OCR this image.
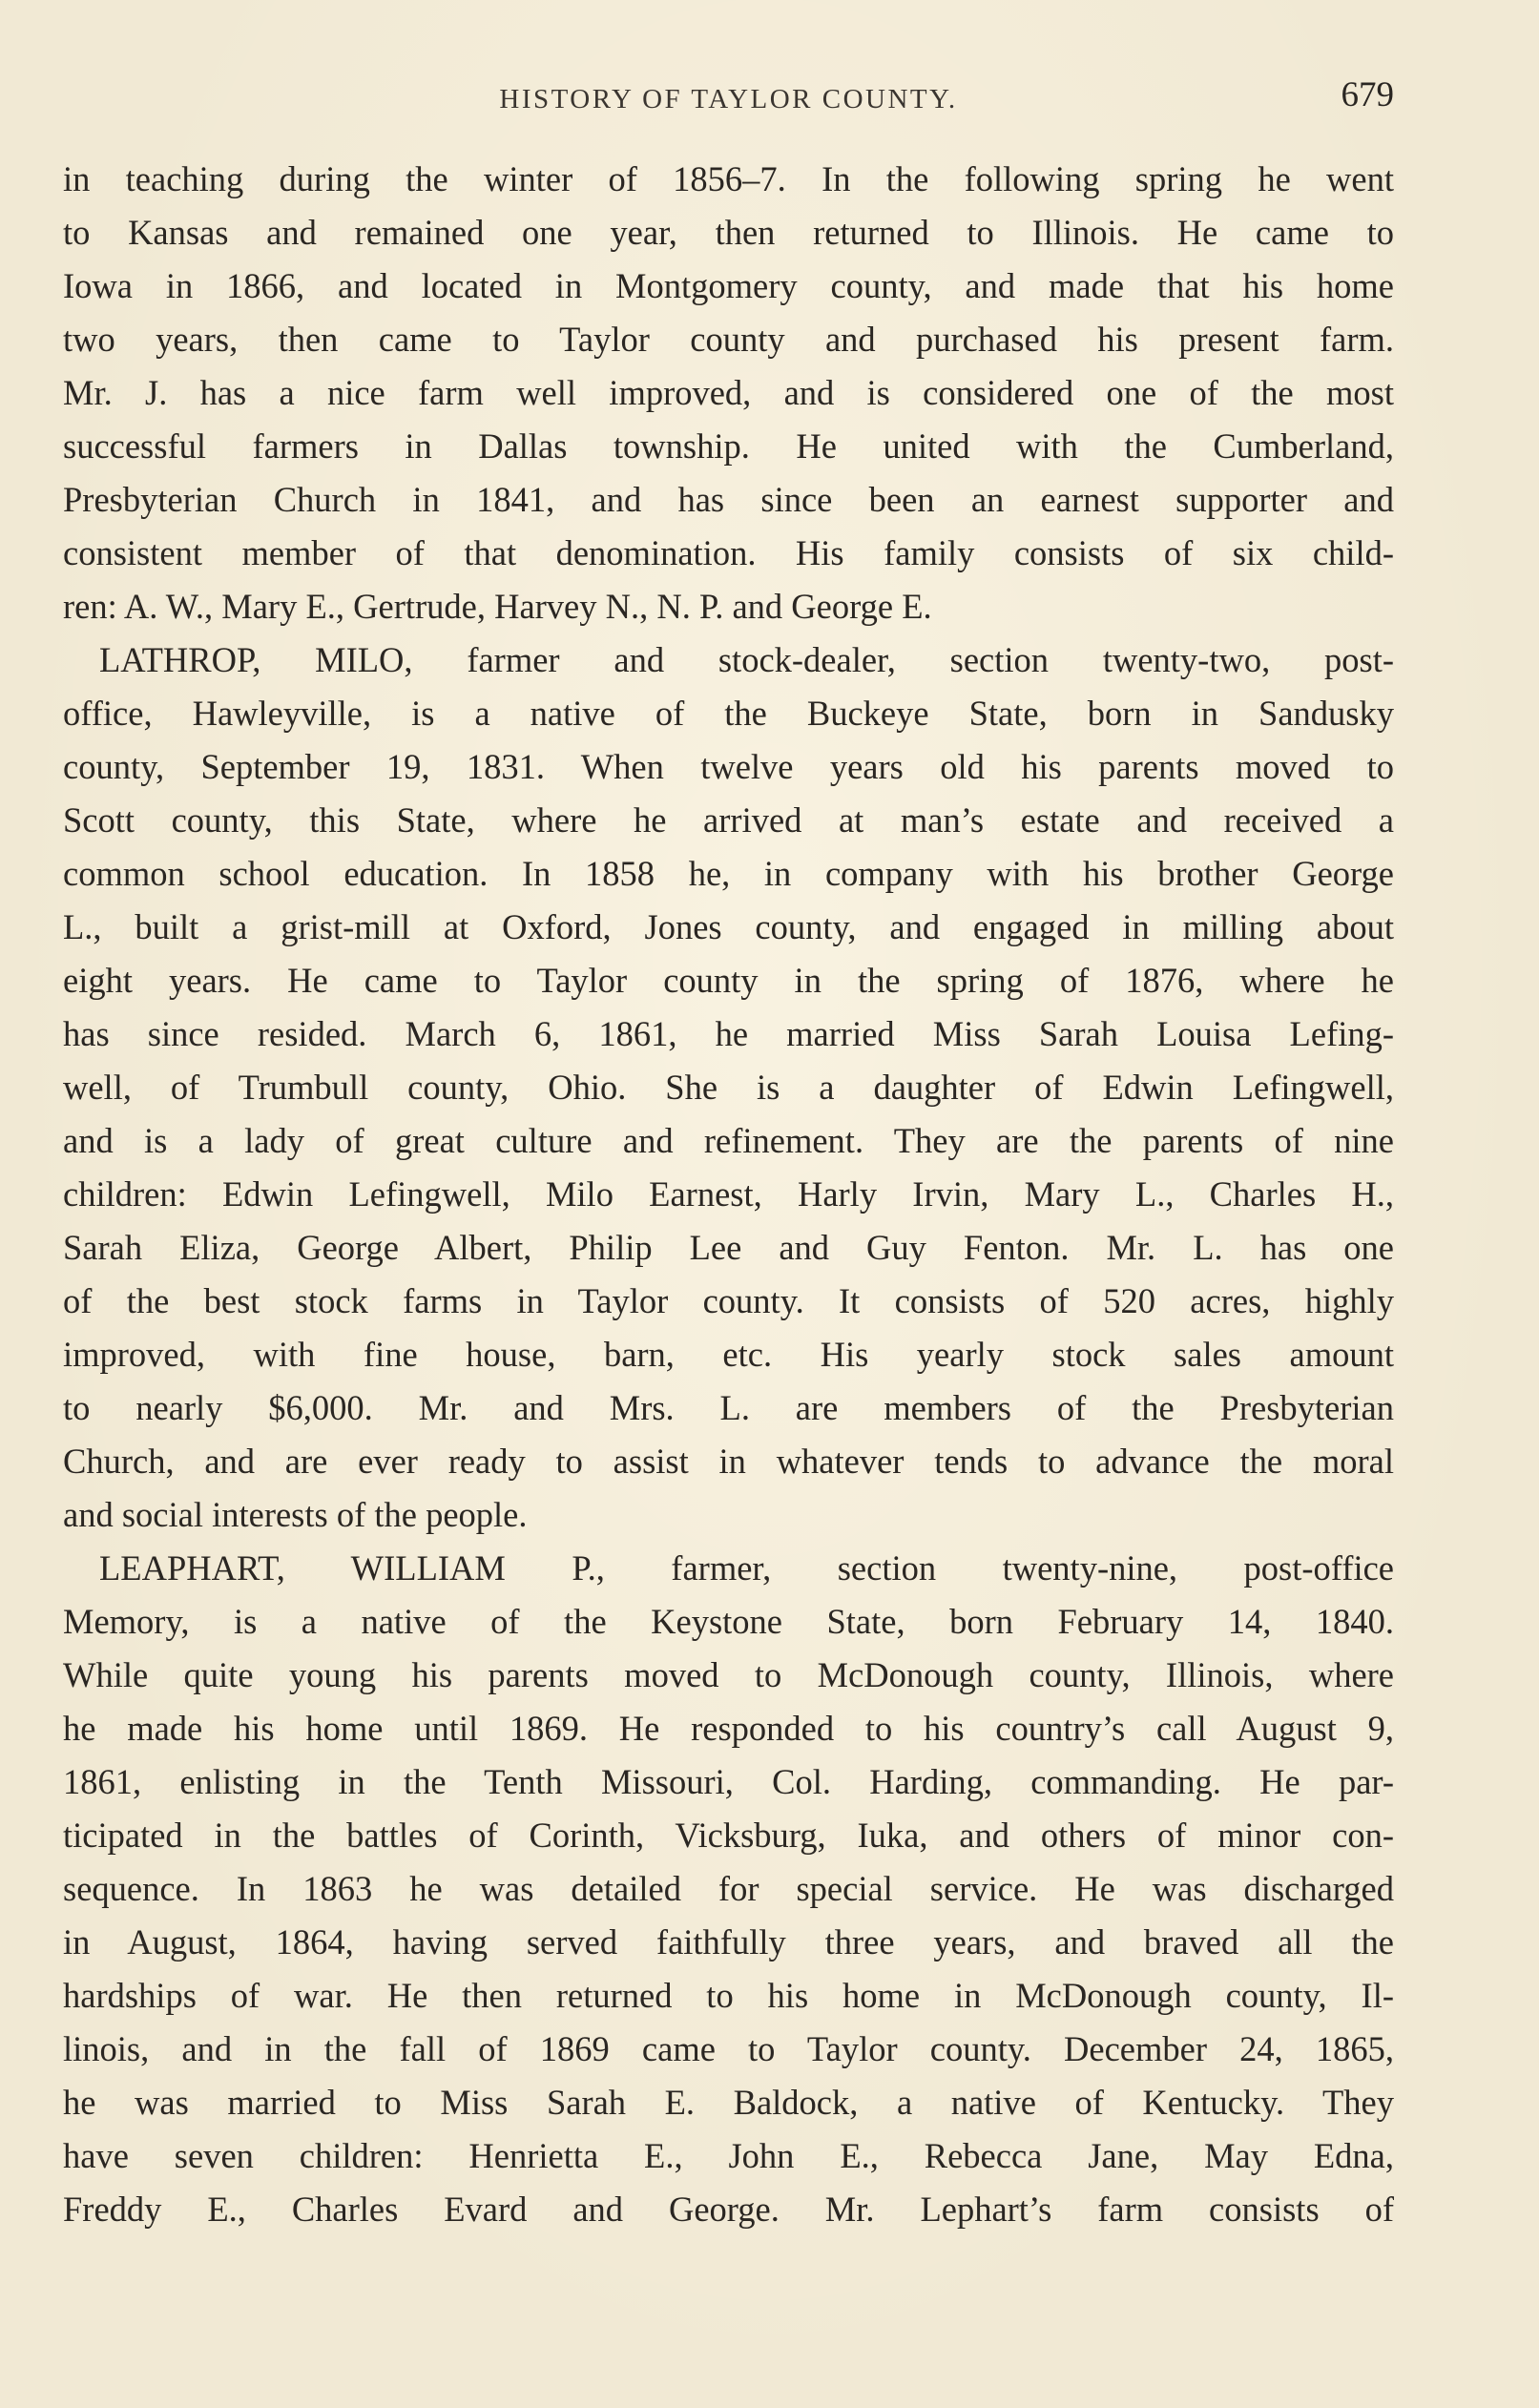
HISTORY OF TAYLOR COUNTY.	679
in teaching during the winter of 1856–7. In the following spring he went
to Kansas and remained one year, then returned to Illinois. He came to
Iowa in 1866, and located in Montgomery county, and made that his home
two years, then came to Taylor county and purchased his present farm.
Mr. J. has a nice farm well improved, and is considered one of the most
successful farmers in Dallas township. He united with the Cumberland,
Presbyterian Church in 1841, and has since been an earnest supporter and
consistent member of that denomination. His family consists of six child-
ren: A. W., Mary E., Gertrude, Harvey N., N. P. and George E.
LATHROP, MILO, farmer and stock-dealer, section twenty-two, post-
office, Hawleyville, is a native of the Buckeye State, born in Sandusky
county, September 19, 1831. When twelve years old his parents moved to
Scott county, this State, where he arrived at man’s estate and received a
common school education. In 1858 he, in company with his brother George
L., built a grist-mill at Oxford, Jones county, and engaged in milling about
eight years. He came to Taylor county in the spring of 1876, where he
has since resided. March 6, 1861, he married Miss Sarah Louisa Lefing-
well, of Trumbull county, Ohio. She is a daughter of Edwin Lefingwell,
and is a lady of great culture and refinement. They are the parents of nine
children: Edwin Lefingwell, Milo Earnest, Harly Irvin, Mary L., Charles H.,
Sarah Eliza, George Albert, Philip Lee and Guy Fenton. Mr. L. has one
of the best stock farms in Taylor county. It consists of 520 acres, highly
improved, with fine house, barn, etc. His yearly stock sales amount
to nearly $6,000. Mr. and Mrs. L. are members of the Presbyterian
Church, and are ever ready to assist in whatever tends to advance the moral
and social interests of the people.
LEAPHART, WILLIAM P., farmer, section twenty-nine, post-office
Memory, is a native of the Keystone State, born February 14, 1840.
While quite young his parents moved to McDonough county, Illinois, where
he made his home until 1869. He responded to his country’s call August 9,
1861, enlisting in the Tenth Missouri, Col. Harding, commanding. He par-
ticipated in the battles of Corinth, Vicksburg, Iuka, and others of minor con-
sequence. In 1863 he was detailed for special service. He was discharged
in August, 1864, having served faithfully three years, and braved all the
hardships of war. He then returned to his home in McDonough county, Il-
linois, and in the fall of 1869 came to Taylor county. December 24, 1865,
he was married to Miss Sarah E. Baldock, a native of Kentucky. They
have seven children: Henrietta E., John E., Rebecca Jane, May Edna,
Freddy E., Charles Evard and George. Mr. Lephart’s farm consists of
